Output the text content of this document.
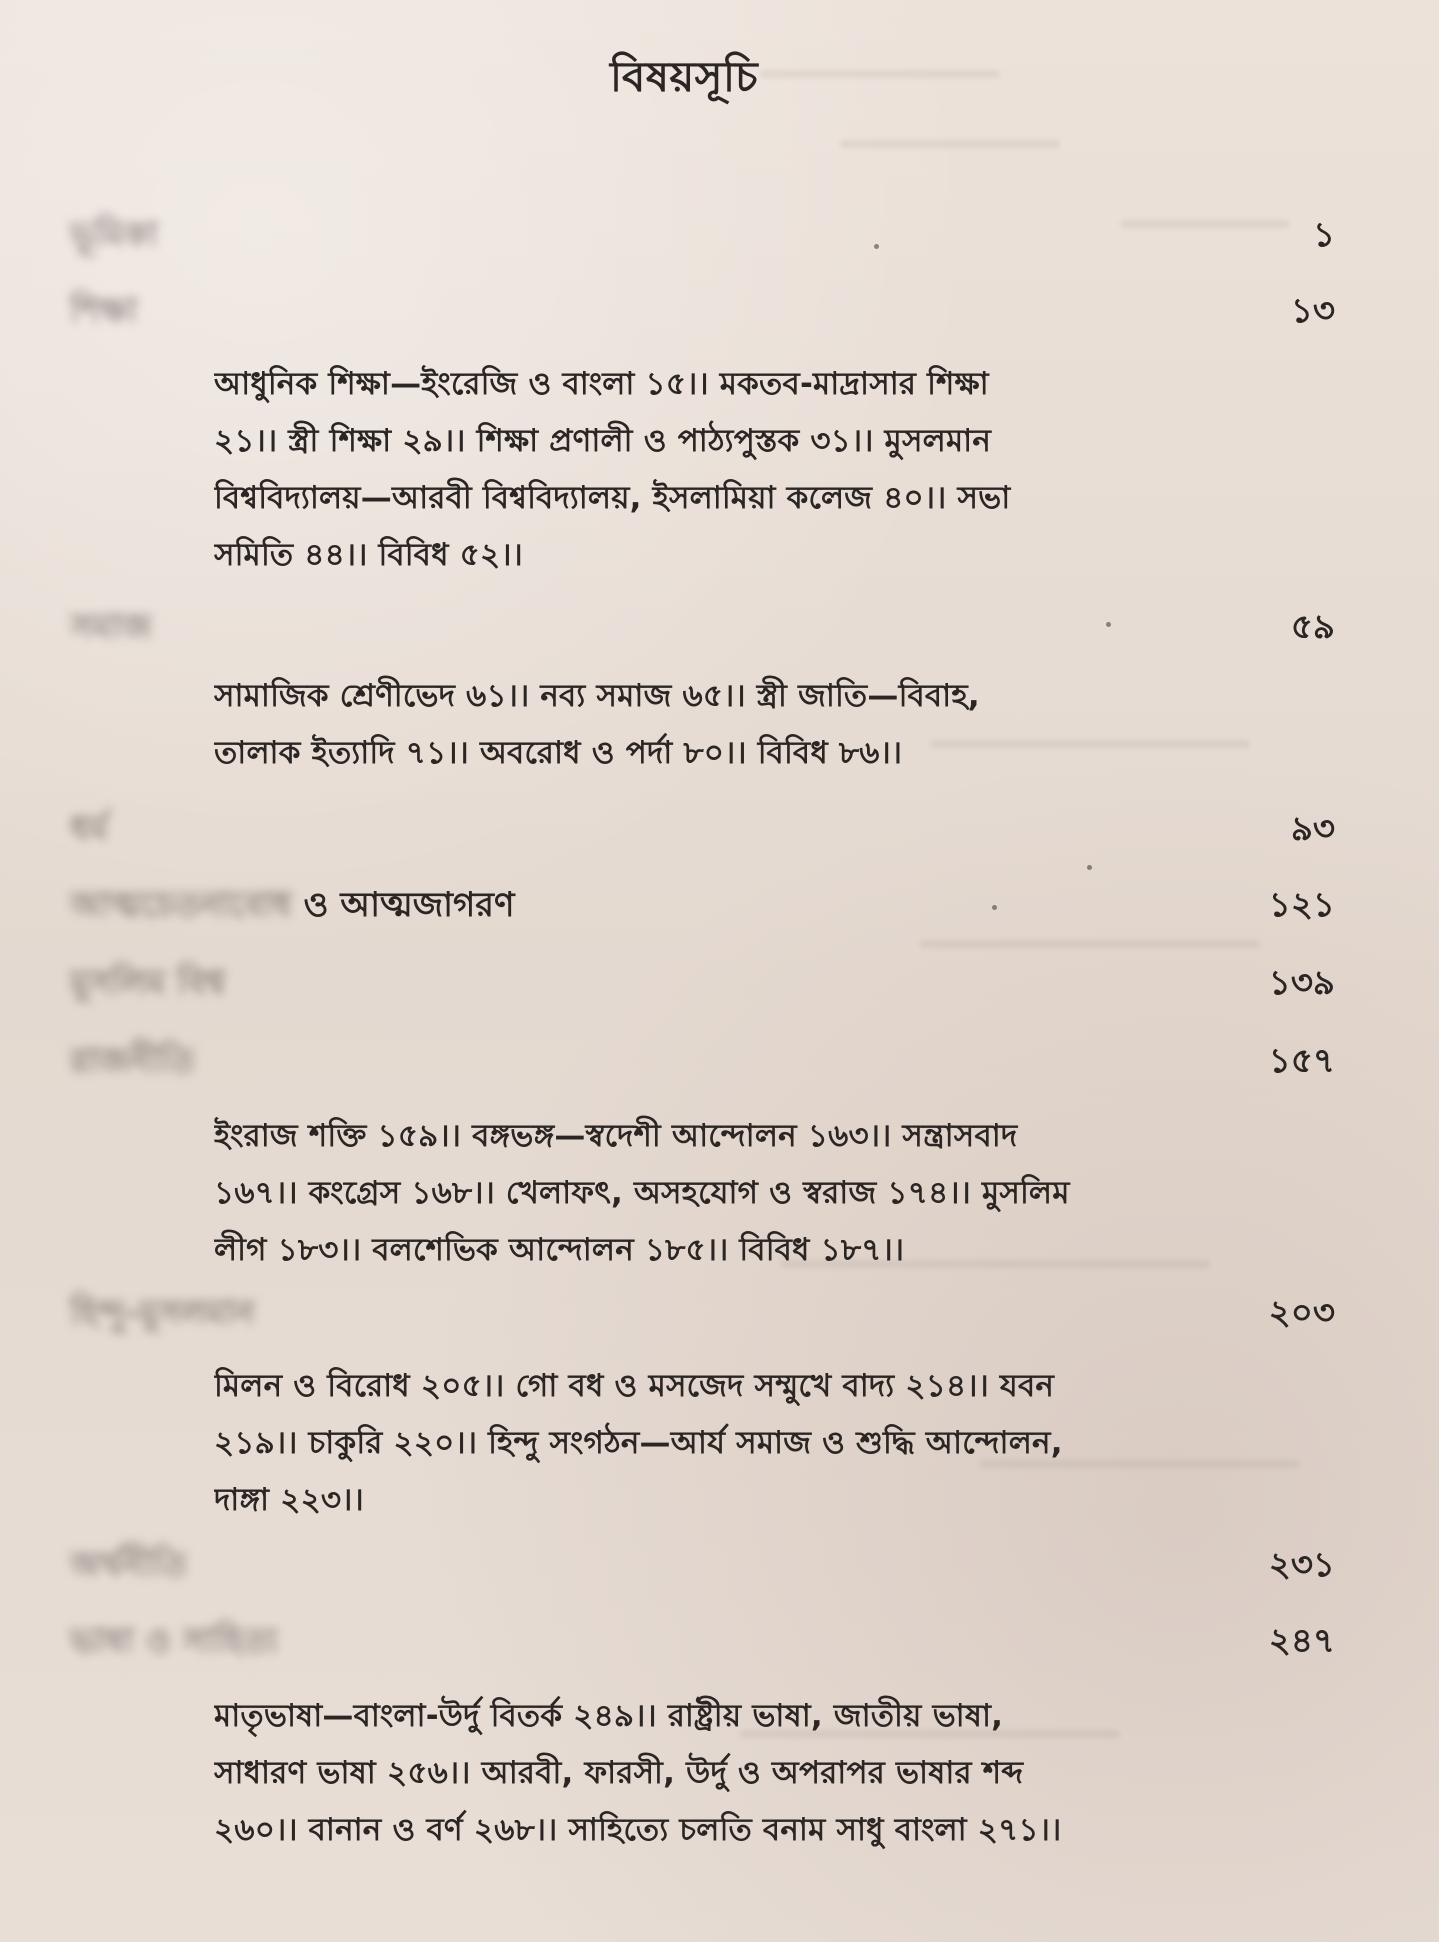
বিষয়সূচি
ভূমিকা	১
শিক্ষা	১৩
আধুনিক শিক্ষা—ইংরেজি ও বাংলা ১৫।। মকতব-মাদ্রাসার শিক্ষা
২১।। স্ত্রী শিক্ষা ২৯।। শিক্ষা প্রণালী ও পাঠ্যপুস্তক ৩১।। মুসলমান
বিশ্ববিদ্যালয়—আরবী বিশ্ববিদ্যালয়, ইসলামিয়া কলেজ ৪০।। সভা
সমিতি ৪৪।। বিবিধ ৫২।।
সমাজ	৫৯
সামাজিক শ্রেণীভেদ ৬১।। নব্য সমাজ ৬৫।। স্ত্রী জাতি—বিবাহ,
তালাক ইত্যাদি ৭১।। অবরোধ ও পর্দা ৮০।। বিবিধ ৮৬।।
ধর্ম	৯৩
আত্মচেতনাবোধ ও আত্মজাগরণ	১২১
মুসলিম বিশ্ব	১৩৯
রাজনীতি	১৫৭
ইংরাজ শক্তি ১৫৯।। বঙ্গভঙ্গ—স্বদেশী আন্দোলন ১৬৩।। সন্ত্রাসবাদ
১৬৭।। কংগ্রেস ১৬৮।। খেলাফৎ, অসহযোগ ও স্বরাজ ১৭৪।। মুসলিম
লীগ ১৮৩।। বলশেভিক আন্দোলন ১৮৫।। বিবিধ ১৮৭।।
হিন্দু-মুসলমান	২০৩
মিলন ও বিরোধ ২০৫।। গো বধ ও মসজেদ সম্মুখে বাদ্য ২১৪।। যবন
২১৯।। চাকুরি ২২০।। হিন্দু সংগঠন—আর্য সমাজ ও শুদ্ধি আন্দোলন,
দাঙ্গা ২২৩।।
অর্থনীতি	২৩১
ভাষা ও সাহিত্য	২৪৭
মাতৃভাষা—বাংলা-উর্দু বিতর্ক ২৪৯।। রাষ্ট্রীয় ভাষা, জাতীয় ভাষা,
সাধারণ ভাষা ২৫৬।। আরবী, ফারসী, উর্দু ও অপরাপর ভাষার শব্দ
২৬০।। বানান ও বর্ণ ২৬৮।। সাহিত্যে চলতি বনাম সাধু বাংলা ২৭১।।
